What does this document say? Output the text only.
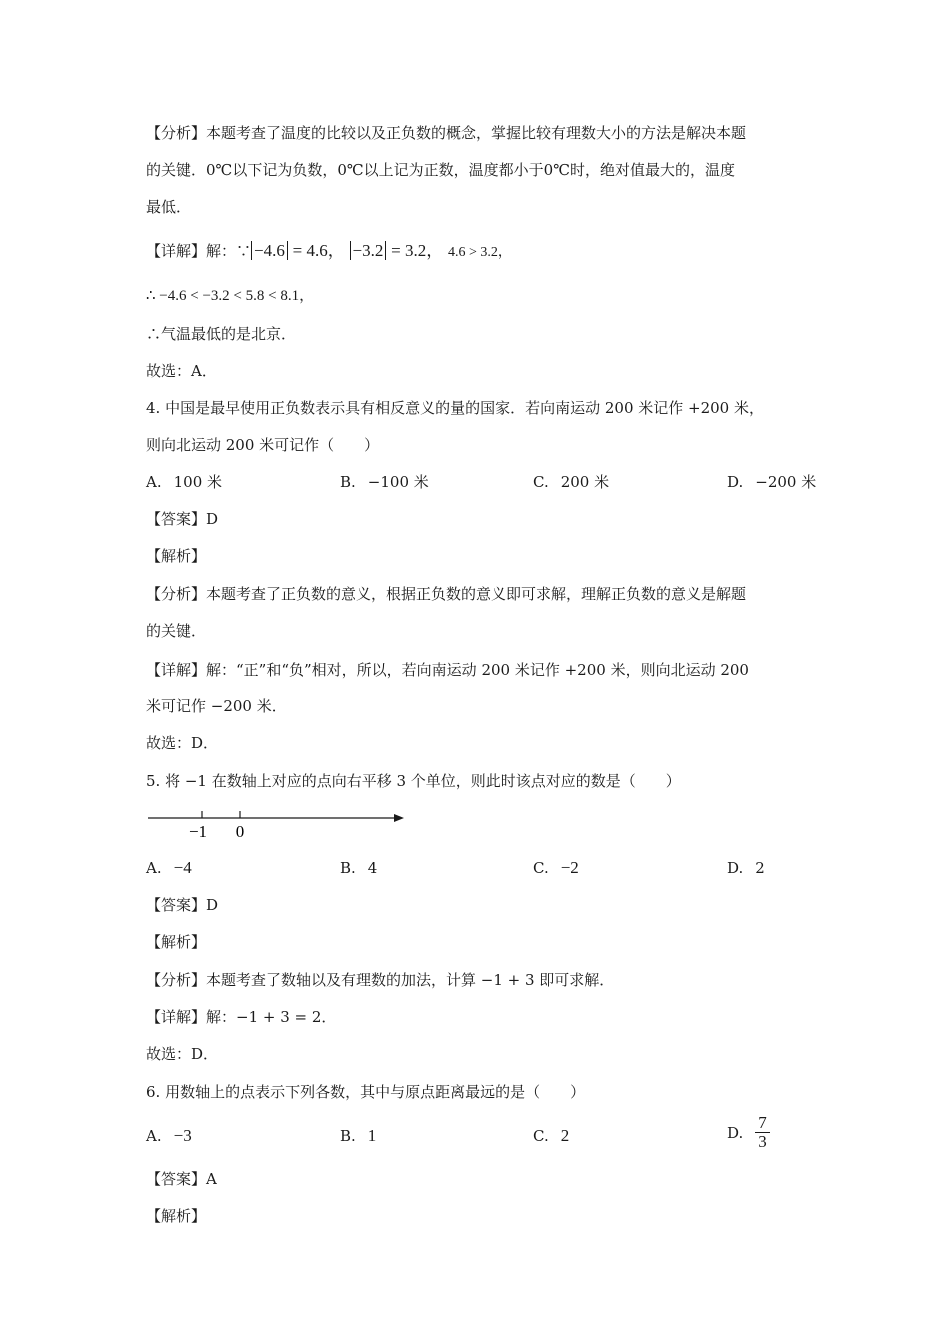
【分析】本题考查了温度的比较以及正负数的概念，掌握比较有理数大小的方法是解决本题
的关键．0℃以下记为负数，0℃以上记为正数，温度都小于0℃时，绝对值最大的，温度
最低．
【详解】解：∵ −4.6 = 4.6， −3.2 = 3.2， 4.6 > 3.2，
∴ −4.6 < −3.2 < 5.8 < 8.1，
∴气温最低的是北京．
故选：A．
4. 中国是最早使用正负数表示具有相反意义的量的国家．若向南运动 200 米记作 +200 米，
则向北运动 200 米可记作（　　）
A. 100 米	B. −100 米	C. 200 米	D. −200 米
【答案】D
【解析】
【分析】本题考查了正负数的意义，根据正负数的意义即可求解，理解正负数的意义是解题
的关键．
【详解】解：“正”和“负”相对，所以，若向南运动 200 米记作 +200 米，则向北运动 200
米可记作 −200 米．
故选：D．
5. 将 −1 在数轴上对应的点向右平移 3 个单位，则此时该点对应的数是（　　）
−1 0
A. −4	B. 4	C. −2	D. 2
【答案】D
【解析】
【分析】本题考查了数轴以及有理数的加法，计算 −1 + 3 即可求解．
【详解】解：−1 + 3 = 2．
故选：D．
6. 用数轴上的点表示下列各数，其中与原点距离最远的是（　　）
A. −3	B. 1	C. 2	D. $\frac{7}{3}$
【答案】A
【解析】
